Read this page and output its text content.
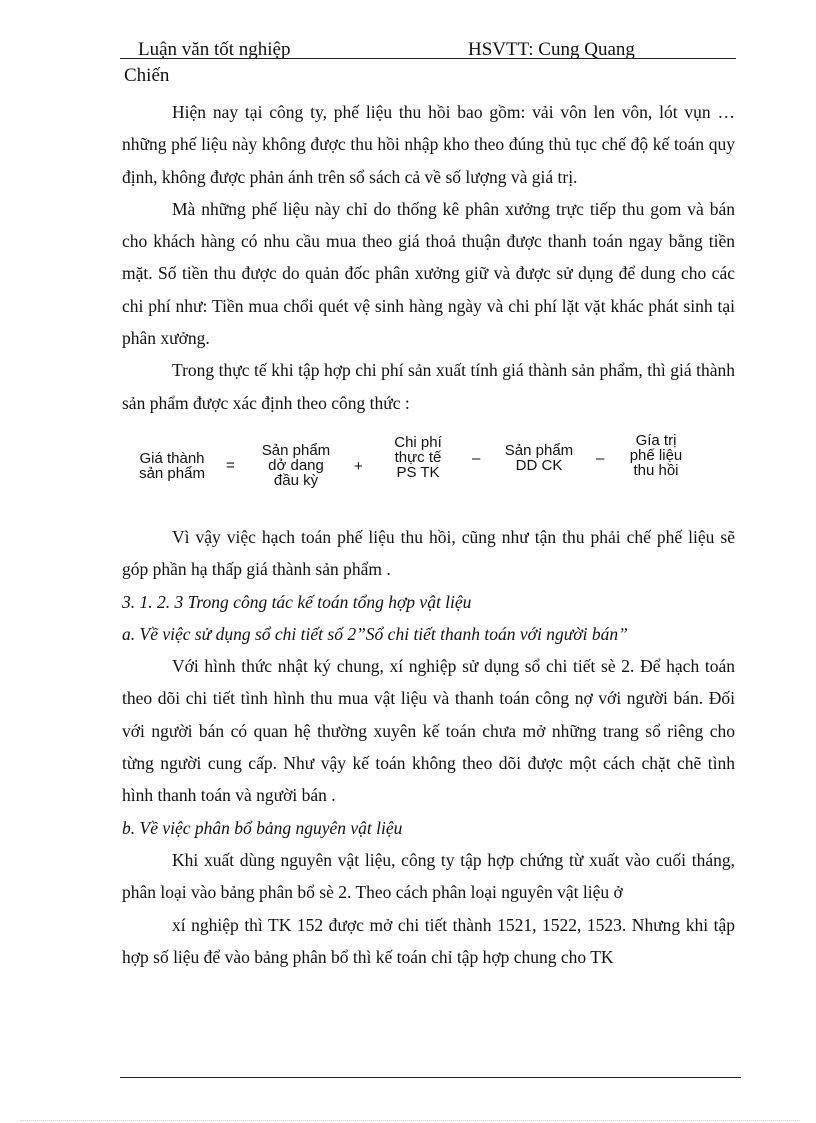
Luận văn tốt nghiệp	HSVTT: Cung Quang
Chiến

Hiện nay tại công ty, phế liệu thu hồi bao gồm: vải vôn len vôn, lót vụn …những phế liệu này không được thu hồi nhập kho theo đúng thủ tục chế độ kế toán quy định, không được phản ánh trên sổ sách cả về số lượng và giá trị.

Mà những phế liệu này chỉ do thống kê phân xưởng trực tiếp thu gom và bán cho khách hàng có nhu cầu mua theo giá thoả thuận được thanh toán ngay bằng tiền mặt. Số tiền thu được do quản đốc phân xưởng giữ và được sử dụng để dung cho các chi phí như: Tiền mua chổi quét vệ sinh hàng ngày và chi phí lặt vặt khác phát sinh tại phân xưởng.

Trong thực tế khi tập hợp chi phí sản xuất tính giá thành sản phẩm, thì giá thành sản phẩm được xác định theo công thức :

Giá thành
sản phẩm =
Sản phẩm
dở dang
đầu kỳ
+
Chi phí
thực tế
PS TK
–	Sản phẩm
DD CK	–
Gía trị
phế liệu
thu hồi

Vì vậy việc hạch toán phế liệu thu hồi, cũng như tận thu phải chế phế liệu sẽ góp phần hạ thấp giá thành sản phẩm .

3. 1. 2. 3 Trong công tác kế toán tổng hợp vật liệu

a. Về việc sử dụng sổ chi tiết số 2”Sổ chi tiết thanh toán với người bán”

Với hình thức nhật ký chung, xí nghiệp sử dụng sổ chi tiết sè 2. Để hạch toán theo dõi chi tiết tình hình thu mua vật liệu và thanh toán công nợ với người bán. Đối với người bán có quan hệ thường xuyên kế toán chưa mở những trang sổ riêng cho từng người cung cấp. Như vậy kế toán không theo dõi được một cách chặt chẽ tình hình thanh toán và người bán .

b. Về việc phân bổ bảng nguyên vật liệu

Khi xuất dùng nguyên vật liệu, công ty tập hợp chứng từ xuất vào cuối tháng, phân loại vào bảng phân bổ sè 2. Theo cách phân loại nguyên vật liệu ở

xí nghiệp thì TK 152 được mở chi tiết thành 1521, 1522, 1523. Nhưng khi tập hợp số liệu để vào bảng phân bổ thì kế toán chỉ tập hợp chung cho TK
